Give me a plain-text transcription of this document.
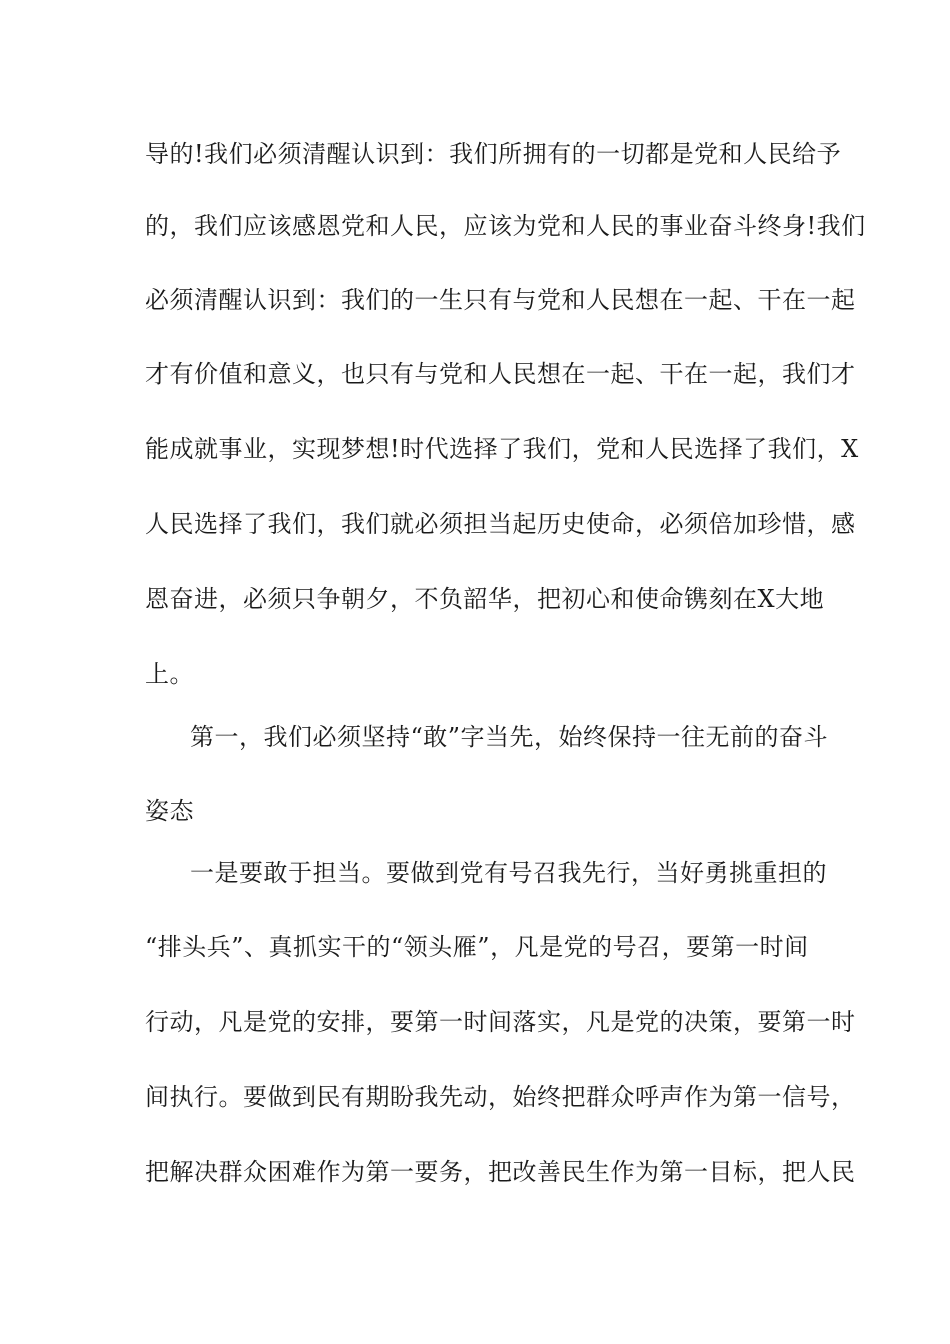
导的!我们必须清醒认识到：我们所拥有的一切都是党和人民给予
的，我们应该感恩党和人民，应该为党和人民的事业奋斗终身!我们
必须清醒认识到：我们的一生只有与党和人民想在一起、干在一起
才有价值和意义，也只有与党和人民想在一起、干在一起，我们才
能成就事业，实现梦想!时代选择了我们，党和人民选择了我们，X
人民选择了我们，我们就必须担当起历史使命，必须倍加珍惜，感
恩奋进，必须只争朝夕，不负韶华，把初心和使命镌刻在X大地
上。
第一，我们必须坚持“敢”字当先，始终保持一往无前的奋斗
姿态
一是要敢于担当。要做到党有号召我先行，当好勇挑重担的
“排头兵”、真抓实干的“领头雁”，凡是党的号召，要第一时间
行动，凡是党的安排，要第一时间落实，凡是党的决策，要第一时
间执行。要做到民有期盼我先动，始终把群众呼声作为第一信号，
把解决群众困难作为第一要务，把改善民生作为第一目标，把人民
